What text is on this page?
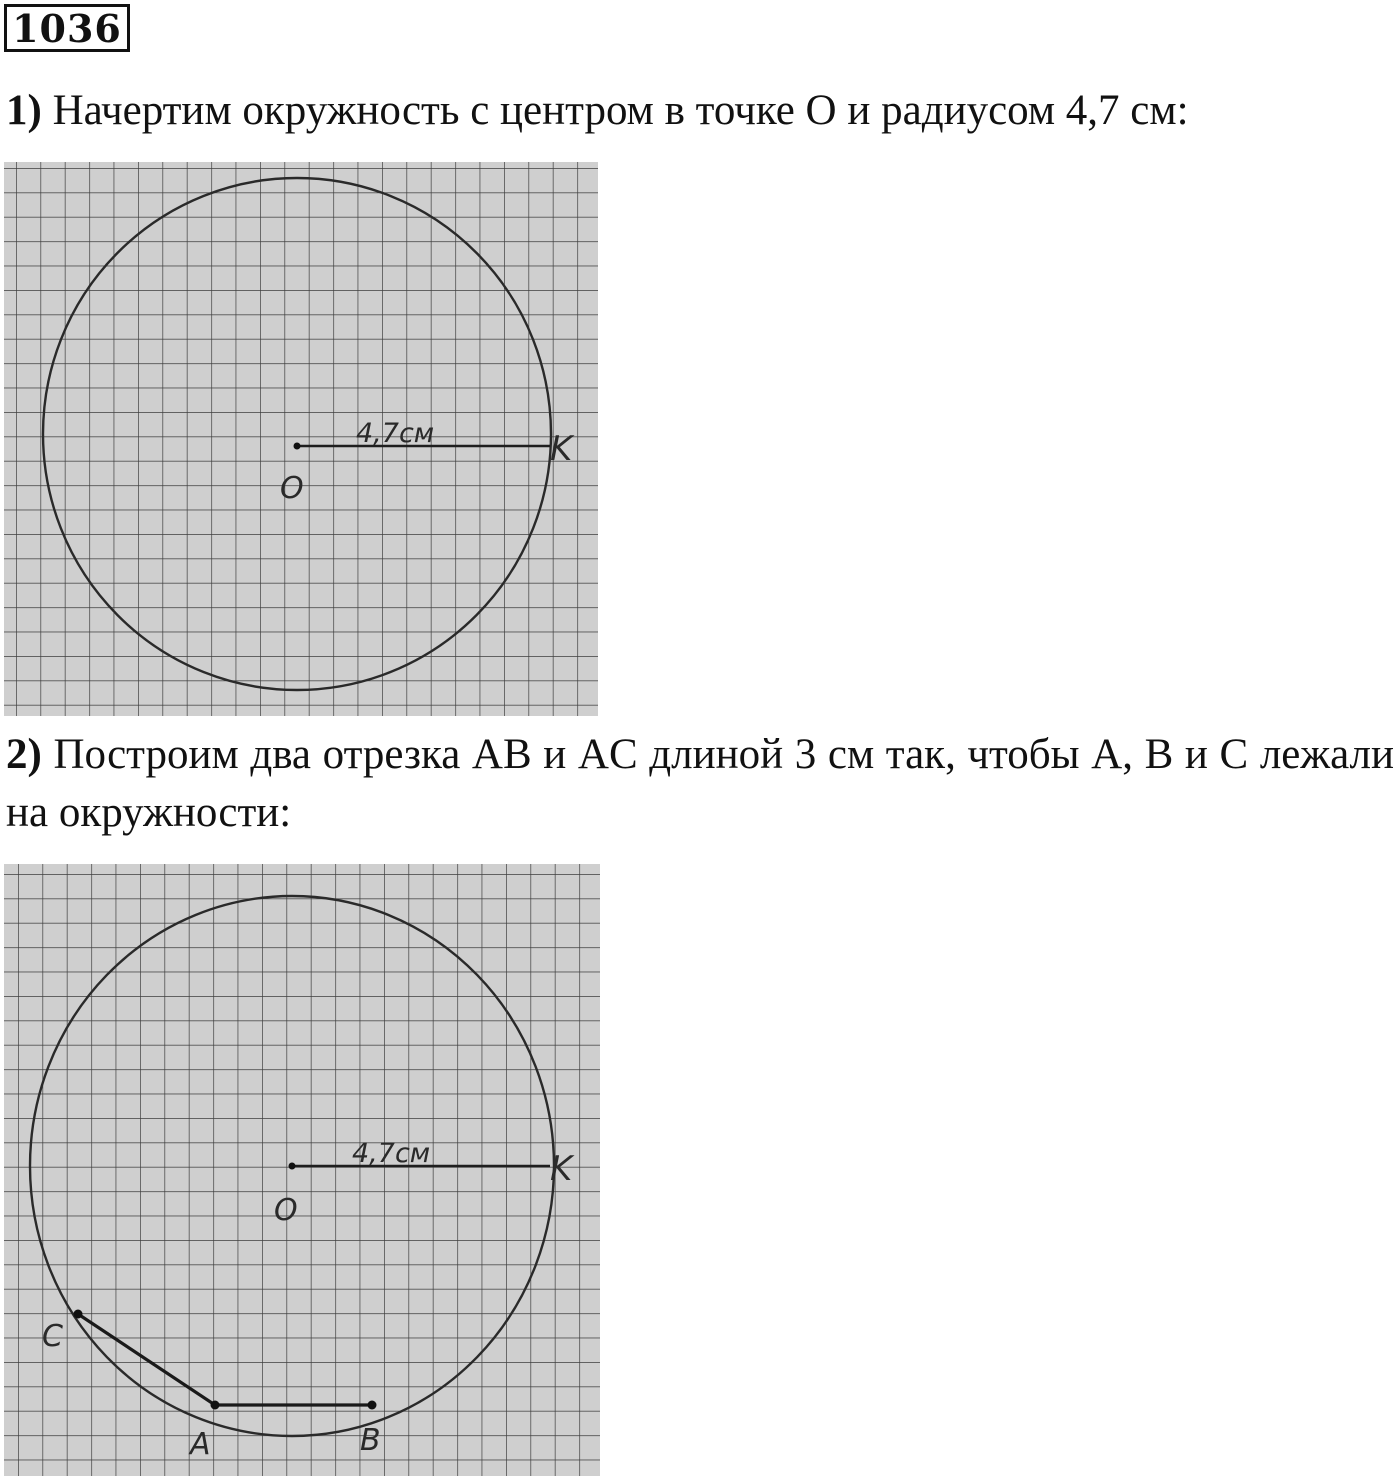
1036

1) Начертим окружность с центром в точке O и радиусом 4,7 см:

O
K
4,7см

2) Построим два отрезка AB и AC длиной 3 см так, чтобы A, B и C лежали на окружности:

O
K
4,7см
A	B
C
